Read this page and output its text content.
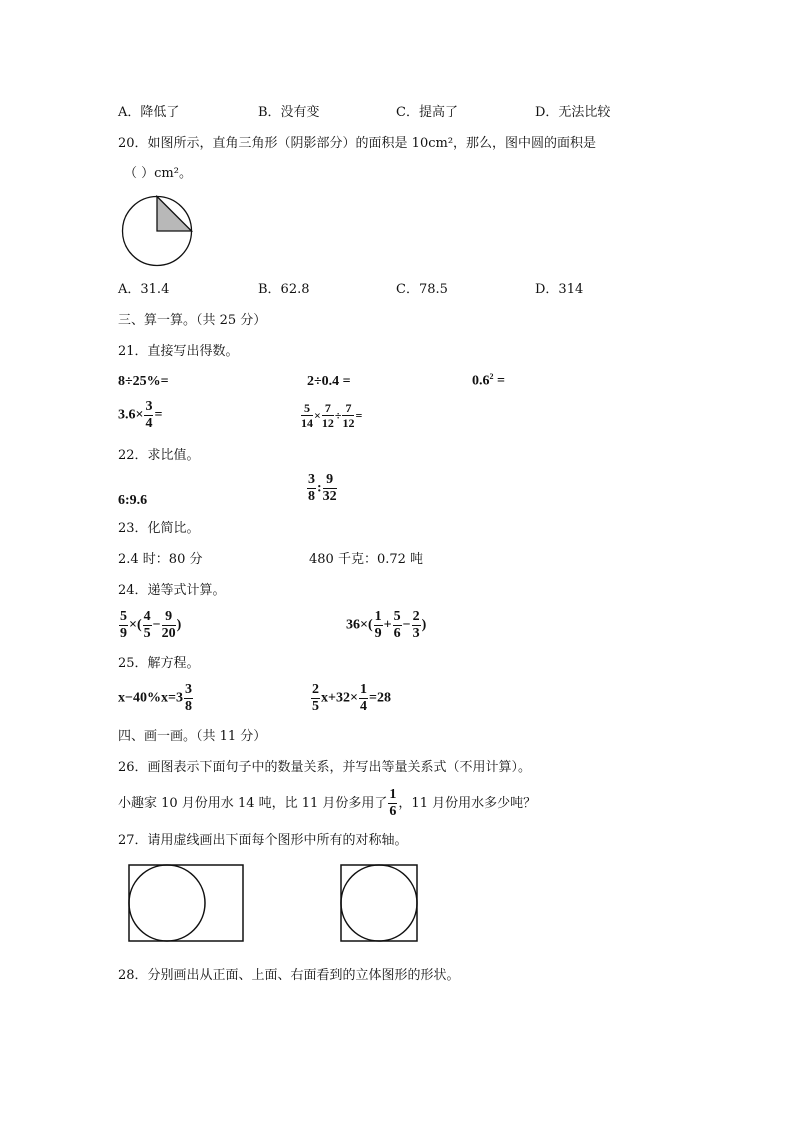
A．降低了	B．没有变	C．提高了	D．无法比较
20．如图所示，直角三角形（阴影部分）的面积是 10cm²，那么，图中圆的面积是
（ ）cm²。
A．31.4	B．62.8	C．78.5	D．314
三、算一算。（共 25 分）
21．直接写出得数。
8÷25%=	2÷0.4 =	$0.6^2$ =
$3.6\times \frac{3}{4}$ =	$\frac{5}{14} \times \frac{7}{12} \div \frac{7}{12}$ =
22．求比值。
6:9.6	$\frac{3}{8}$ : $\frac{9}{32}$
23．化简比。
2.4 时：80 分	480 千克：0.72 吨
24．递等式计算。
$\frac{5}{9}$ ×( $\frac{4}{5} - \frac{9}{20}$ )	$36\times( \frac{1}{9} + \frac{5}{6} - \frac{2}{3}$ )
25．解方程。
$x-40\%x=3 \frac{3}{8}$	$\frac{2}{5} x+32\times \frac{1}{4} =28$
四、画一画。（共 11 分）
26．画图表示下面句子中的数量关系，并写出等量关系式（不用计算）。
小趣家 10 月份用水 14 吨，比 11 月份多用了 $\frac{1}{6}$ ，11 月份用水多少吨？
27．请用虚线画出下面每个图形中所有的对称轴。
28．分别画出从正面、上面、右面看到的立体图形的形状。
